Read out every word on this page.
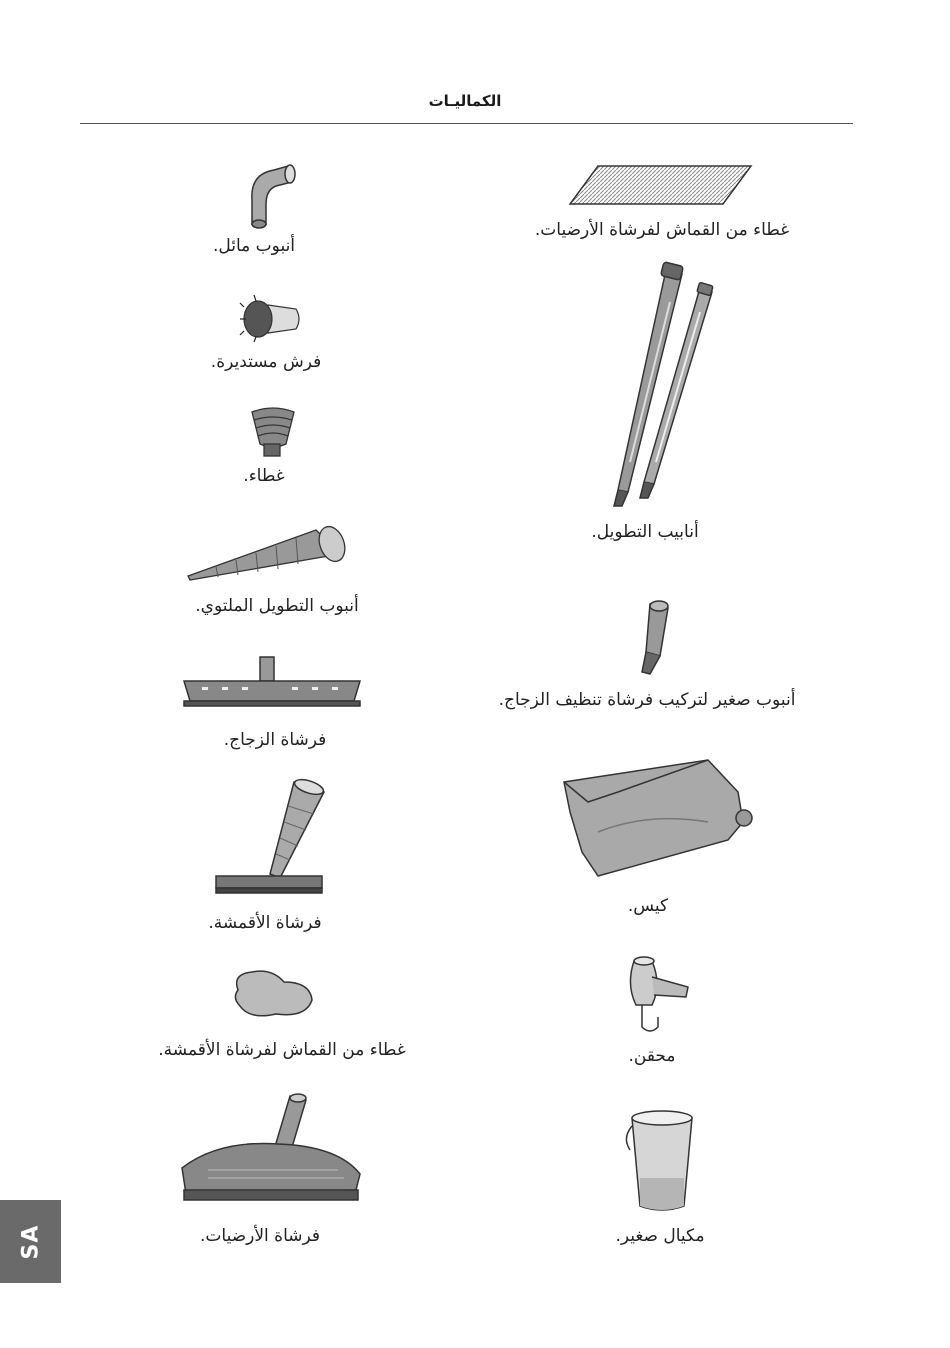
الكماليـات
غطاء من القماش لفرشاة الأرضيات.
أنابيب التطويل.
أنبوب صغير لتركيب فرشاة تنظيف الزجاج.
كيس.
محقن.
مكيال صغير.
أنبوب مائل.
فرش مستديرة.
غطاء.
أنبوب التطويل الملتوي.
فرشاة الزجاج.
فرشاة الأقمشة.
غطاء من القماش لفرشاة الأقمشة.
فرشاة الأرضيات.
SA
